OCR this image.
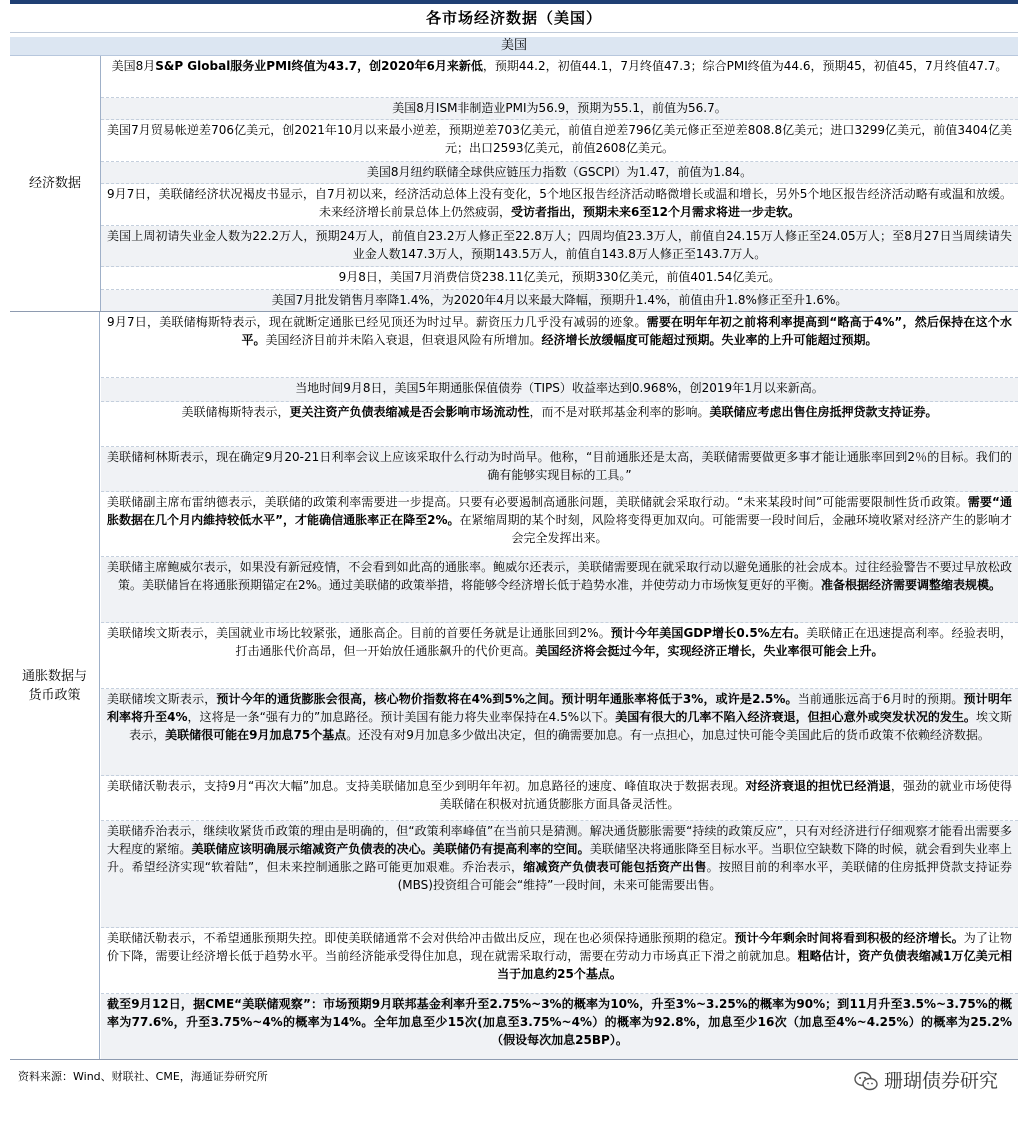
各市场经济数据（美国）
美国
经济数据
美国8月S&P Global服务业PMI终值为43.7，创2020年6月来新低，预期44.2，初值44.1，7月终值47.3；综合PMI终值为44.6，预期45，初值45，7月终值47.7。
美国8月ISM非制造业PMI为56.9，预期为55.1，前值为56.7。
美国7月贸易帐逆差706亿美元，创2021年10月以来最小逆差，预期逆差703亿美元，前值自逆差796亿美元修正至逆差808.8亿美元；进口3299亿美元，前值3404亿美元；出口2593亿美元，前值2608亿美元。
美国8月纽约联储全球供应链压力指数（GSCPI）为1.47，前值为1.84。
9月7日，美联储经济状况褐皮书显示，自7月初以来，经济活动总体上没有变化，5个地区报告经济活动略微增长或温和增长，另外5个地区报告经济活动略有或温和放缓。未来经济增长前景总体上仍然疲弱，受访者指出，预期未来6至12个月需求将进一步走软。
美国上周初请失业金人数为22.2万人，预期24万人，前值自23.2万人修正至22.8万人；四周均值23.3万人，前值自24.15万人修正至24.05万人；至8月27日当周续请失业金人数147.3万人，预期143.5万人，前值自143.8万人修正至143.7万人。
9月8日，美国7月消费信贷238.11亿美元，预期330亿美元，前值401.54亿美元。
美国7月批发销售月率降1.4%，为2020年4月以来最大降幅，预期升1.4%，前值由升1.8%修正至升1.6%。
通胀数据与货币政策
9月7日，美联储梅斯特表示，现在就断定通胀已经见顶还为时过早。薪资压力几乎没有减弱的迹象。需要在明年年初之前将利率提高到“略高于4%”，然后保持在这个水平。美国经济目前并未陷入衰退，但衰退风险有所增加。经济增长放缓幅度可能超过预期。失业率的上升可能超过预期。
当地时间9月8日，美国5年期通胀保值债券（TIPS）收益率达到0.968%，创2019年1月以来新高。
美联储梅斯特表示，更关注资产负债表缩减是否会影响市场流动性，而不是对联邦基金利率的影响。美联储应考虑出售住房抵押贷款支持证券。
美联储柯林斯表示，现在确定9月20-21日利率会议上应该采取什么行动为时尚早。他称，“目前通胀还是太高，美联储需要做更多事才能让通胀率回到2％的目标。我们的确有能够实现目标的工具。”
美联储副主席布雷纳德表示，美联储的政策利率需要进一步提高。只要有必要遏制高通胀问题，美联储就会采取行动。“未来某段时间”可能需要限制性货币政策。需要“通胀数据在几个月内維持较低水平”，才能确信通胀率正在降至2%。在紧缩周期的某个时刻，风险将变得更加双向。可能需要一段时间后，金融环境收紧对经济产生的影响才会完全发挥出来。
美联储主席鲍威尔表示，如果没有新冠疫情，不会看到如此高的通胀率。鲍威尔还表示，美联储需要现在就采取行动以避免通胀的社会成本。过往经验警告不要过早放松政策。美联储旨在将通胀预期锚定在2%。通过美联储的政策举措，将能够令经济增长低于趋势水准，并使劳动力市场恢复更好的平衡。准备根据经济需要调整缩表规模。
美联储埃文斯表示，美国就业市场比较紧张，通胀高企。目前的首要任务就是让通胀回到2%。预计今年美国GDP增长0.5%左右。美联储正在迅速提高利率。经验表明，打击通胀代价高昂，但一开始放任通胀飙升的代价更高。美国经济将会挺过今年，实现经济正增长，失业率很可能会上升。
美联储埃文斯表示，预计今年的通货膨胀会很高，核心物价指数将在4%到5%之间。预计明年通胀率将低于3%，或许是2.5%。当前通胀远高于6月时的预期。预计明年利率将升至4%，这将是一条“强有力的”加息路径。预计美国有能力将失业率保持在4.5%以下。美国有很大的几率不陷入经济衰退，但担心意外或突发状况的发生。埃文斯表示，美联储很可能在9月加息75个基点。还没有对9月加息多少做出决定，但的确需要加息。有一点担心，加息过快可能令美国此后的货币政策不依赖经济数据。
美联储沃勒表示，支持9月“再次大幅”加息。支持美联储加息至少到明年年初。加息路径的速度、峰值取决于数据表现。对经济衰退的担忧已经消退，强劲的就业市场使得美联储在积极对抗通货膨胀方面具备灵活性。
美联储乔治表示，继续收紧货币政策的理由是明确的，但“政策利率峰值”在当前只是猜测。解决通货膨胀需要“持续的政策反应”，只有对经济进行仔细观察才能看出需要多大程度的紧缩。美联储应该明确展示缩减资产负债表的决心。美联储仍有提高利率的空间。美联储坚决将通胀降至目标水平。当职位空缺数下降的时候，就会看到失业率上升。希望经济实现“软着陆”，但未来控制通胀之路可能更加艰难。乔治表示，缩减资产负债表可能包括资产出售。按照目前的利率水平，美联储的住房抵押贷款支持证券(MBS)投资组合可能会“维持”一段时间，未来可能需要出售。
美联储沃勒表示，不希望通胀预期失控。即使美联储通常不会对供给冲击做出反应，现在也必须保持通胀预期的稳定。预计今年剩余时间将看到积极的经济增长。为了让物价下降，需要让经济增长低于趋势水平。当前经济能承受得住加息，现在就需采取行动，需要在劳动力市场真正下滑之前就加息。粗略估计，资产负债表缩减1万亿美元相当于加息约25个基点。
截至9月12日，据CME“美联储观察”：市场预期9月联邦基金利率升至2.75%~3%的概率为10%，升至3%~3.25%的概率为90%；到11月升至3.5%~3.75%的概率为77.6%，升至3.75%~4%的概率为14%。全年加息至少15次(加息至3.75%~4%）的概率为92.8%，加息至少16次（加息至4%~4.25%）的概率为25.2%（假设每次加息25BP）。
资料来源：Wind、财联社、CME，海通证券研究所	珊瑚债券研究
